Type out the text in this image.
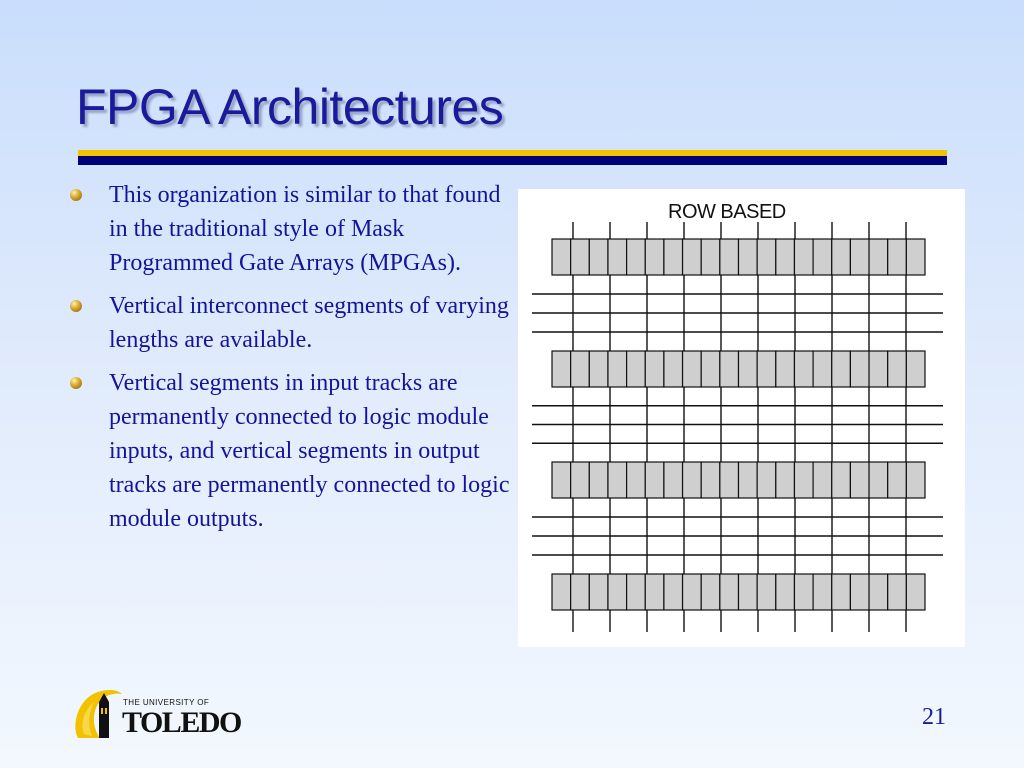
FPGA Architectures
This organization is similar to that found in the traditional style of Mask Programmed Gate Arrays (MPGAs).
Vertical interconnect segments of varying lengths are available.
Vertical segments in input tracks are permanently connected to logic module inputs, and vertical segments in output tracks are permanently connected to logic module outputs.
ROW BASED
THE UNIVERSITY OF
TOLEDO	21
